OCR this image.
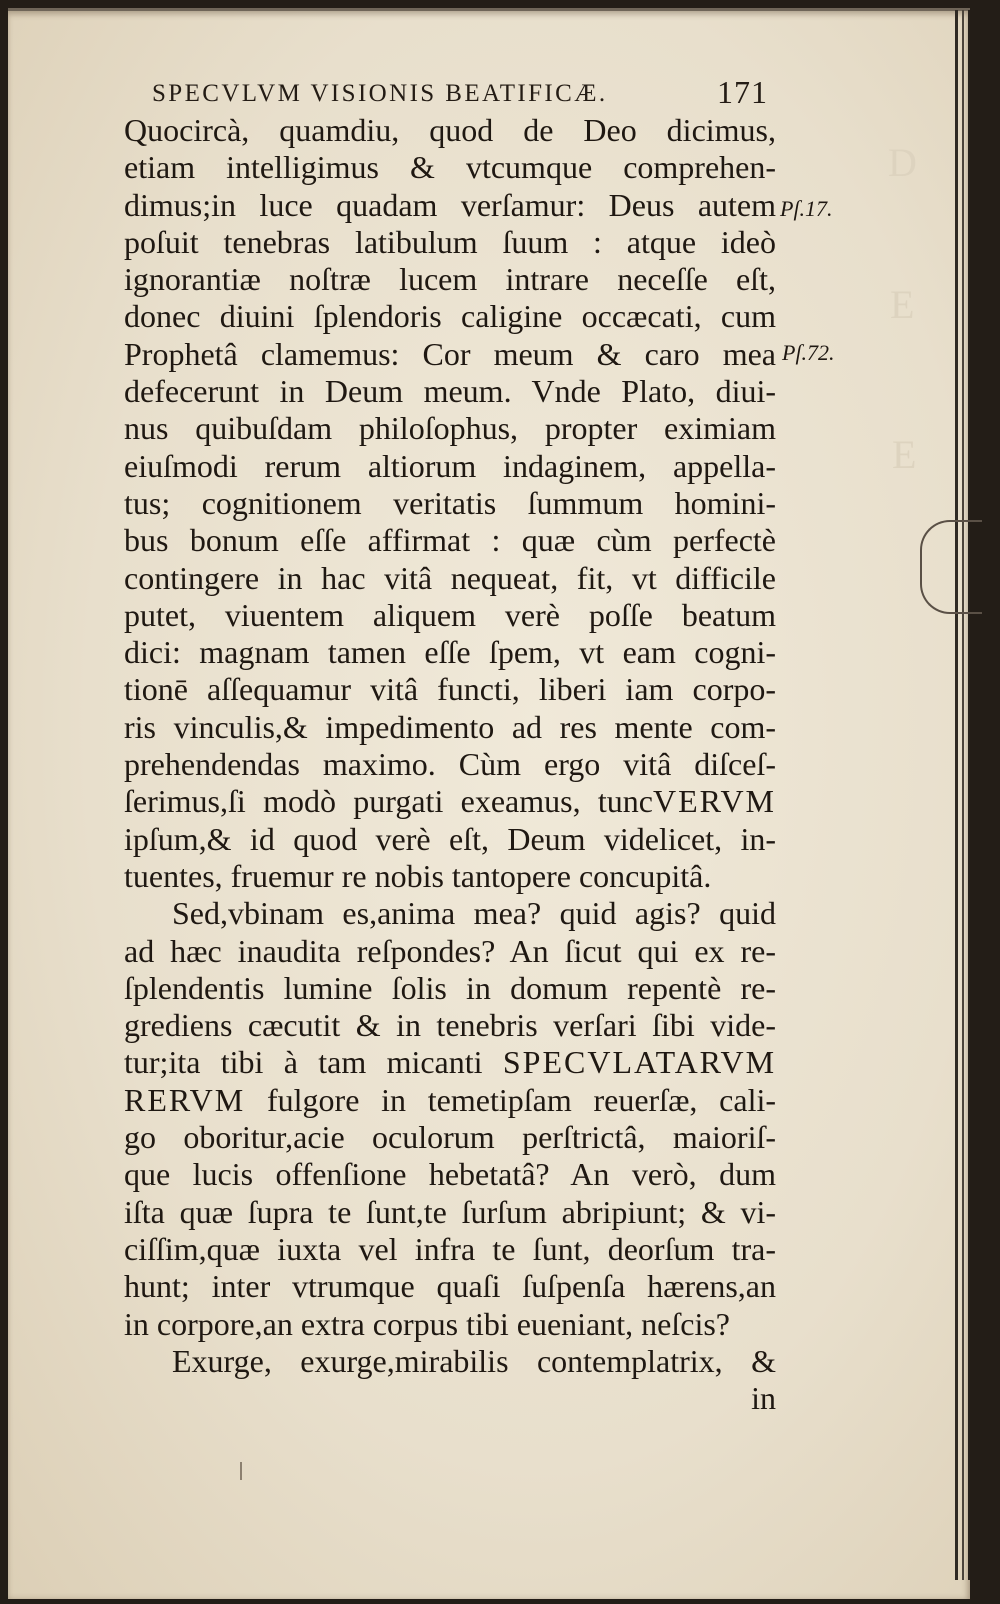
D
E
E
SPECVLVM VISIONIS BEATIFICÆ.	171
Pſ.17.
Pſ.72.
Quocircà, quamdiu, quod de Deo dicimus,
etiam intelligimus & vtcumque comprehen-
dimus;in luce quadam verſamur: Deus autem
poſuit tenebras latibulum ſuum : atque ideò
ignorantiæ noſtræ lucem intrare neceſſe eſt,
donec diuini ſplendoris caligine occæcati, cum
Prophetâ clamemus: Cor meum & caro mea
defecerunt in Deum meum. Vnde Plato, diui-
nus quibuſdam philoſophus, propter eximiam
eiuſmodi rerum altiorum indaginem, appella-
tus; cognitionem veritatis ſummum homini-
bus bonum eſſe affirmat : quæ cùm perfectè
contingere in hac vitâ nequeat, fit, vt difficile
putet, viuentem aliquem verè poſſe beatum
dici: magnam tamen eſſe ſpem, vt eam cogni-
tionē aſſequamur vitâ functi, liberi iam corpo-
ris vinculis,& impedimento ad res mente com-
prehendendas maximo. Cùm ergo vitâ diſceſ-
ſerimus,ſi modò purgati exeamus, tuncVERVM
ipſum,& id quod verè eſt, Deum videlicet, in-
tuentes, fruemur re nobis tantopere concupitâ.
Sed,vbinam es,anima mea? quid agis? quid
ad hæc inaudita reſpondes? An ſicut qui ex re-
ſplendentis lumine ſolis in domum repentè re-
grediens cæcutit & in tenebris verſari ſibi vide-
tur;ita tibi à tam micanti SPECVLATARVM
RERVM fulgore in temetipſam reuerſæ, cali-
go oboritur,acie oculorum perſtrictâ, maioriſ-
que lucis offenſione hebetatâ? An verò, dum
iſta quæ ſupra te ſunt,te ſurſum abripiunt; & vi-
ciſſim,quæ iuxta vel infra te ſunt, deorſum tra-
hunt; inter vtrumque quaſi ſuſpenſa hærens,an
in corpore,an extra corpus tibi eueniant, neſcis?
Exurge, exurge,mirabilis contemplatrix, &
in
